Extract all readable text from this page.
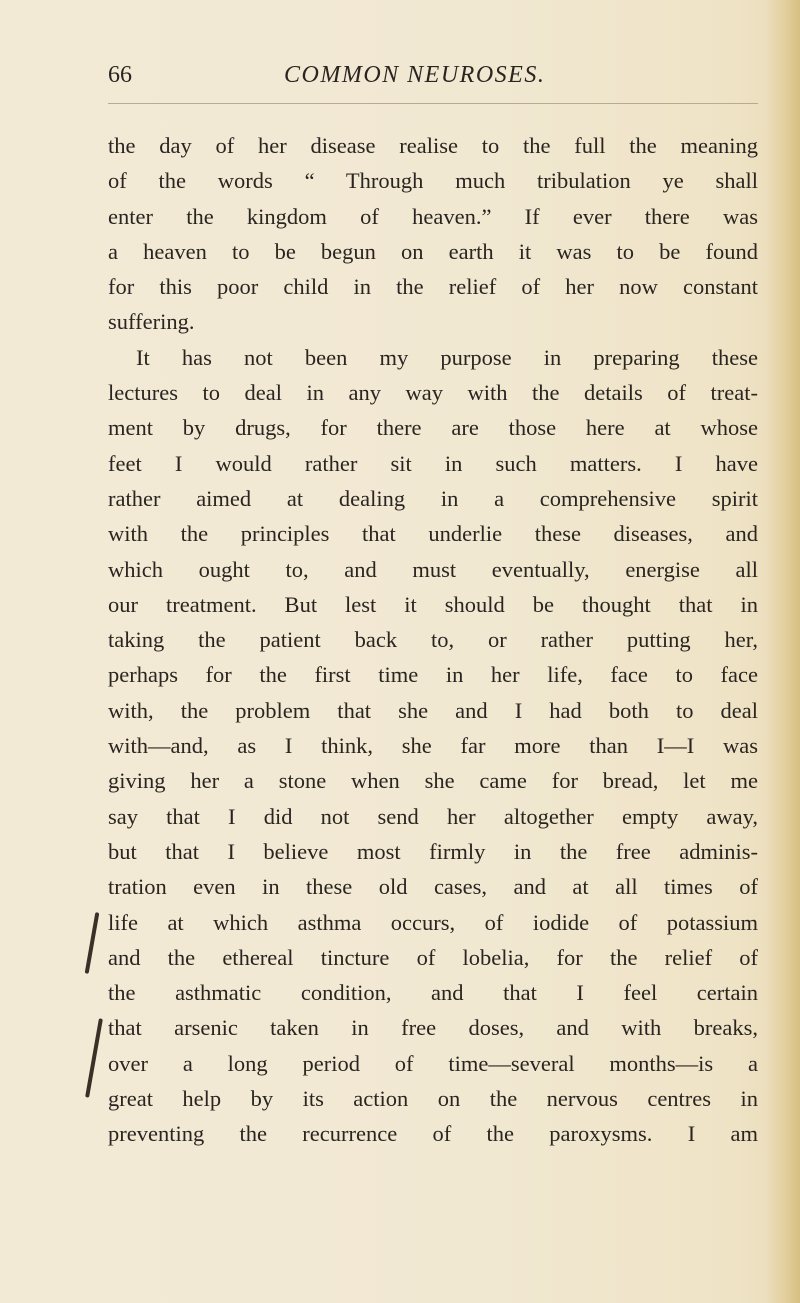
66	COMMON NEUROSES.
the day of her disease realise to the full the meaning
of the words “ Through much tribulation ye shall
enter the kingdom of heaven.” If ever there was
a heaven to be begun on earth it was to be found
for this poor child in the relief of her now constant
suffering.
It has not been my purpose in preparing these
lectures to deal in any way with the details of treat-
ment by drugs, for there are those here at whose
feet I would rather sit in such matters. I have
rather aimed at dealing in a comprehensive spirit
with the principles that underlie these diseases, and
which ought to, and must eventually, energise all
our treatment. But lest it should be thought that in
taking the patient back to, or rather putting her,
perhaps for the first time in her life, face to face
with, the problem that she and I had both to deal
with—and, as I think, she far more than I—I was
giving her a stone when she came for bread, let me
say that I did not send her altogether empty away,
but that I believe most firmly in the free adminis-
tration even in these old cases, and at all times of
life at which asthma occurs, of iodide of potassium
and the ethereal tincture of lobelia, for the relief of
the asthmatic condition, and that I feel certain
that arsenic taken in free doses, and with breaks,
over a long period of time—several months—is a
great help by its action on the nervous centres in
preventing the recurrence of the paroxysms. I am
